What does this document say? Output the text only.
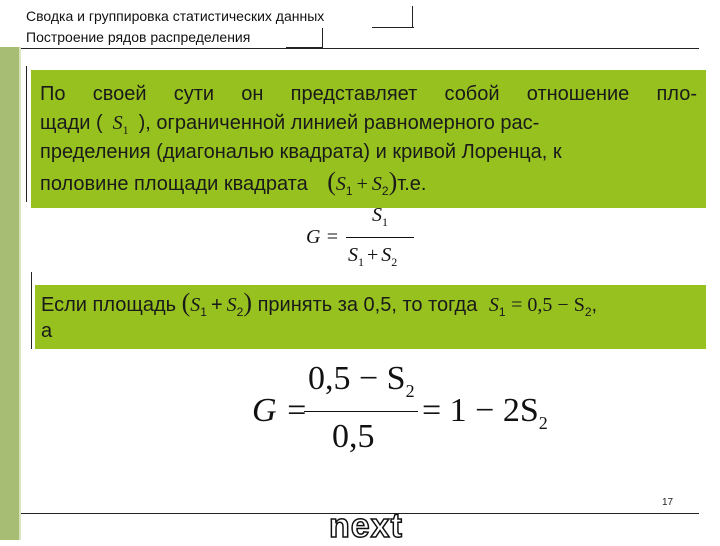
Сводка и группировка статистических данных
Построение рядов распределения
По своей сути он представляет собой отношение пло-
щади ( $S_1$ ), ограниченной линией равномерного рас-
пределения (диагональю квадрата) и кривой Лоренца, к
половине площади квадрата $(S_1 + S_2)т.е$.
G =
$S_1$
$S_1 + S_2$
Если площадь $(S_1 + S_2)$ принять за 0,5, то тогда $S_1 = 0,5 - S_2$,
а
G =
$0,5 - S_2$
0,5
= $1 - 2S_2$
17
next
